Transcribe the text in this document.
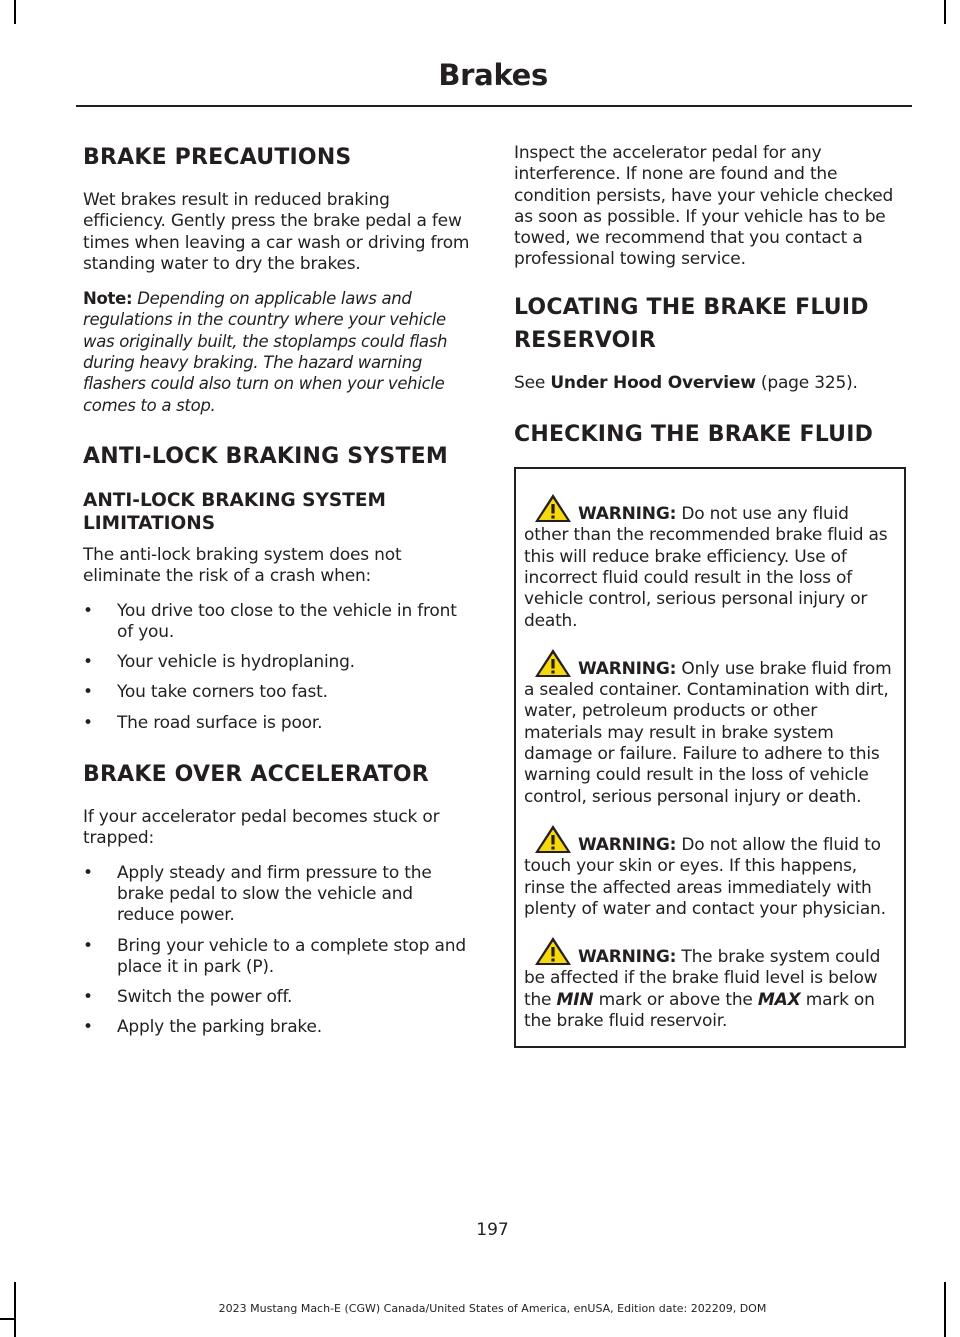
Brakes
BRAKE PRECAUTIONS

Wet brakes result in reduced braking efficiency. Gently press the brake pedal a few times when leaving a car wash or driving from standing water to dry the brakes.

Note: Depending on applicable laws and regulations in the country where your vehicle was originally built, the stoplamps could flash during heavy braking. The hazard warning flashers could also turn on when your vehicle comes to a stop.

ANTI-LOCK BRAKING SYSTEM
ANTI-LOCK BRAKING SYSTEM LIMITATIONS

The anti-lock braking system does not eliminate the risk of a crash when:

• You drive too close to the vehicle in front of you.
• Your vehicle is hydroplaning.
• You take corners too fast.
• The road surface is poor.
BRAKE OVER ACCELERATOR

If your accelerator pedal becomes stuck or trapped:

• Apply steady and firm pressure to the brake pedal to slow the vehicle and reduce power.
• Bring your vehicle to a complete stop and place it in park (P).
• Switch the power off.
• Apply the parking brake.

Inspect the accelerator pedal for any interference. If none are found and the condition persists, have your vehicle checked as soon as possible. If your vehicle has to be towed, we recommend that you contact a professional towing service.

LOCATING THE BRAKE FLUID
RESERVOIR

See Under Hood Overview (page 325).

CHECKING THE BRAKE FLUID
WARNING: Do not use any fluid other than the recommended brake fluid as this will reduce brake efficiency. Use of incorrect fluid could result in the loss of vehicle control, serious personal injury or death.
WARNING: Only use brake fluid from a sealed container. Contamination with dirt, water, petroleum products or other materials may result in brake system damage or failure. Failure to adhere to this warning could result in the loss of vehicle control, serious personal injury or death.
WARNING: Do not allow the fluid to touch your skin or eyes. If this happens, rinse the affected areas immediately with plenty of water and contact your physician.
WARNING: The brake system could be affected if the brake fluid level is below the MIN mark or above the MAX mark on the brake fluid reservoir.
197
2023 Mustang Mach-E (CGW) Canada/United States of America, enUSA, Edition date: 202209, DOM
